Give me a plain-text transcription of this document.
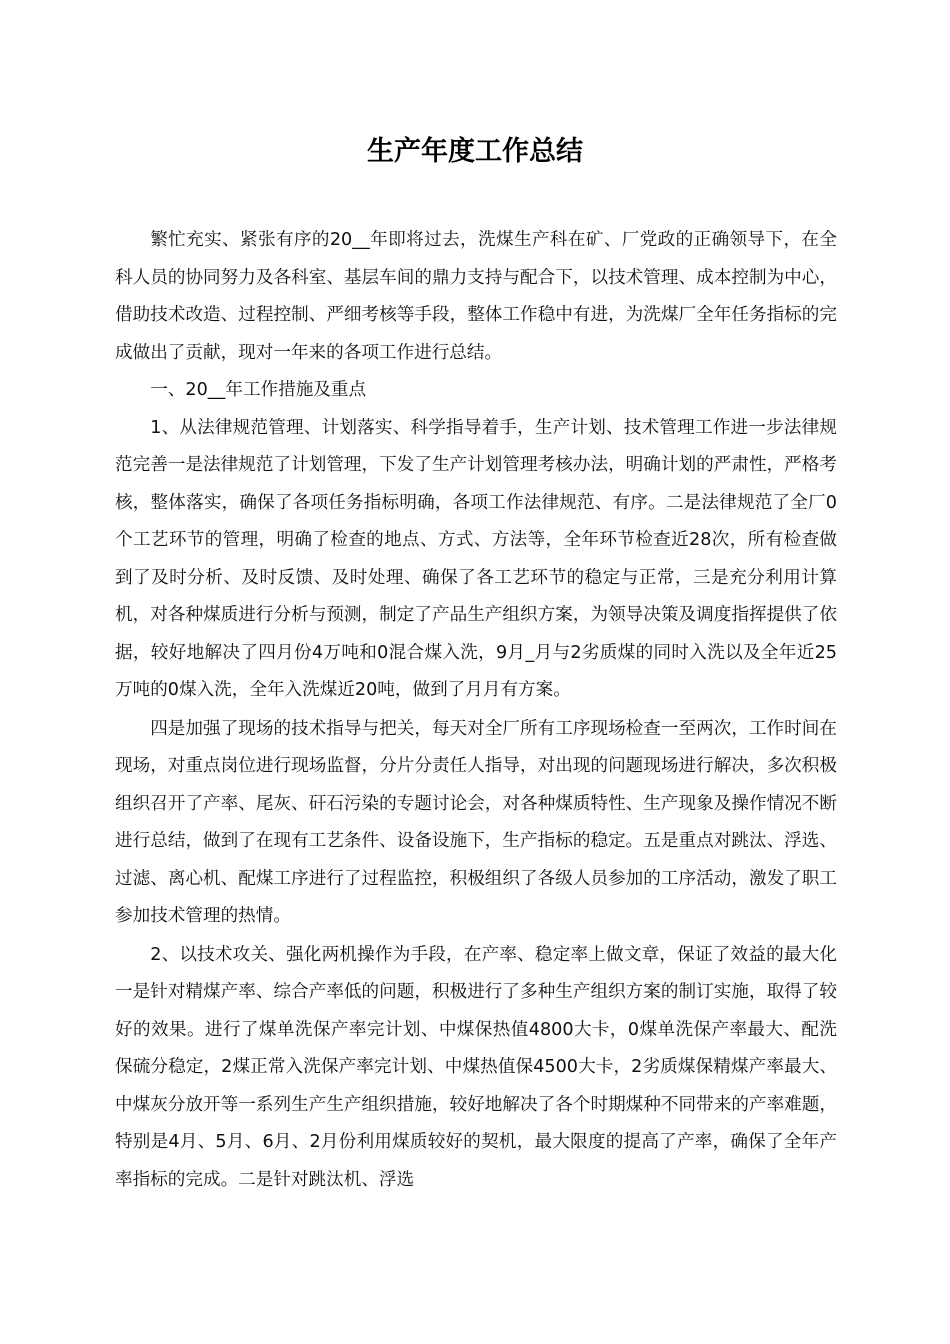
生产年度工作总结

繁忙充实、紧张有序的20__年即将过去，洗煤生产科在矿、厂党政的正确领导下，在全科人员的协同努力及各科室、基层车间的鼎力支持与配合下，以技术管理、成本控制为中心，借助技术改造、过程控制、严细考核等手段，整体工作稳中有进，为洗煤厂全年任务指标的完成做出了贡献，现对一年来的各项工作进行总结。

一、20__年工作措施及重点

1、从法律规范管理、计划落实、科学指导着手，生产计划、技术管理工作进一步法律规范完善一是法律规范了计划管理，下发了生产计划管理考核办法，明确计划的严肃性，严格考核，整体落实，确保了各项任务指标明确，各项工作法律规范、有序。二是法律规范了全厂0个工艺环节的管理，明确了检查的地点、方式、方法等，全年环节检查近28次，所有检查做到了及时分析、及时反馈、及时处理、确保了各工艺环节的稳定与正常，三是充分利用计算机，对各种煤质进行分析与预测，制定了产品生产组织方案，为领导决策及调度指挥提供了依据，较好地解决了四月份4万吨和0混合煤入洗，9月_月与2劣质煤的同时入洗以及全年近25万吨的0煤入洗，全年入洗煤近20吨，做到了月月有方案。

四是加强了现场的技术指导与把关，每天对全厂所有工序现场检查一至两次，工作时间在现场，对重点岗位进行现场监督，分片分责任人指导，对出现的问题现场进行解决，多次积极组织召开了产率、尾灰、矸石污染的专题讨论会，对各种煤质特性、生产现象及操作情况不断进行总结，做到了在现有工艺条件、设备设施下，生产指标的稳定。五是重点对跳汰、浮选、过滤、离心机、配煤工序进行了过程监控，积极组织了各级人员参加的工序活动，激发了职工参加技术管理的热情。

2、以技术攻关、强化两机操作为手段，在产率、稳定率上做文章，保证了效益的最大化一是针对精煤产率、综合产率低的问题，积极进行了多种生产组织方案的制订实施，取得了较好的效果。进行了煤单洗保产率完计划、中煤保热值4800大卡，0煤单洗保产率最大、配洗保硫分稳定，2煤正常入洗保产率完计划、中煤热值保4500大卡，2劣质煤保精煤产率最大、中煤灰分放开等一系列生产生产组织措施，较好地解决了各个时期煤种不同带来的产率难题，特别是4月、5月、6月、2月份利用煤质较好的契机，最大限度的提高了产率，确保了全年产率指标的完成。二是针对跳汰机、浮选
